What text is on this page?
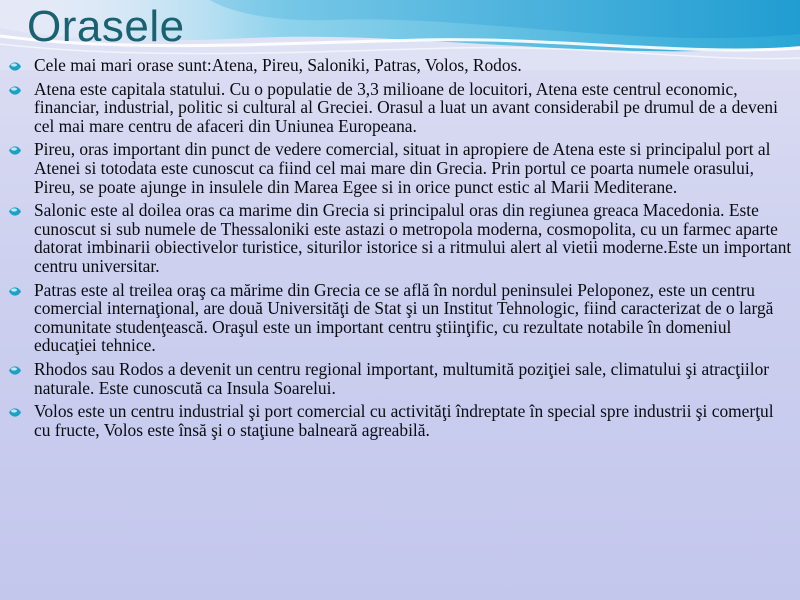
Orasele
Cele mai mari orase sunt:Atena, Pireu, Saloniki, Patras, Volos, Rodos.
Atena este capitala statului. Cu o populatie de 3,3 milioane de locuitori, Atena este centrul economic, financiar, industrial, politic si cultural al Greciei. Orasul a luat un avant considerabil pe drumul de a deveni cel mai mare centru de afaceri din Uniunea Europeana.
Pireu, oras important din punct de vedere comercial, situat in apropiere de Atena este si principalul port al Atenei si totodata este cunoscut ca fiind cel mai mare din Grecia. Prin portul ce poarta numele orasului, Pireu, se poate ajunge in insulele din Marea Egee si in orice punct estic al Marii Mediterane.
Salonic este al doilea oras ca marime din Grecia si principalul oras din regiunea greaca Macedonia. Este cunoscut si sub numele de Thessaloniki este astazi o metropola moderna, cosmopolita, cu un farmec aparte datorat imbinarii obiectivelor turistice, siturilor istorice si a ritmului alert al vietii moderne.Este un important centru universitar.
Patras este al treilea oraş ca mărime din Grecia ce se află în nordul peninsulei Peloponez, este un centru comercial internaţional, are două Universităţi de Stat şi un Institut Tehnologic, fiind caracterizat de o largă comunitate studenţească. Oraşul este un important centru ştiinţific, cu rezultate notabile în domeniul educaţiei tehnice.
Rhodos sau Rodos a devenit un centru regional important, multumită poziţiei sale, climatului şi atracţiilor naturale. Este cunoscută ca Insula Soarelui.
Volos este un centru industrial şi port comercial cu activităţi îndreptate în special spre industrii şi comerţul cu fructe, Volos este însă şi o staţiune balneară agreabilă.
